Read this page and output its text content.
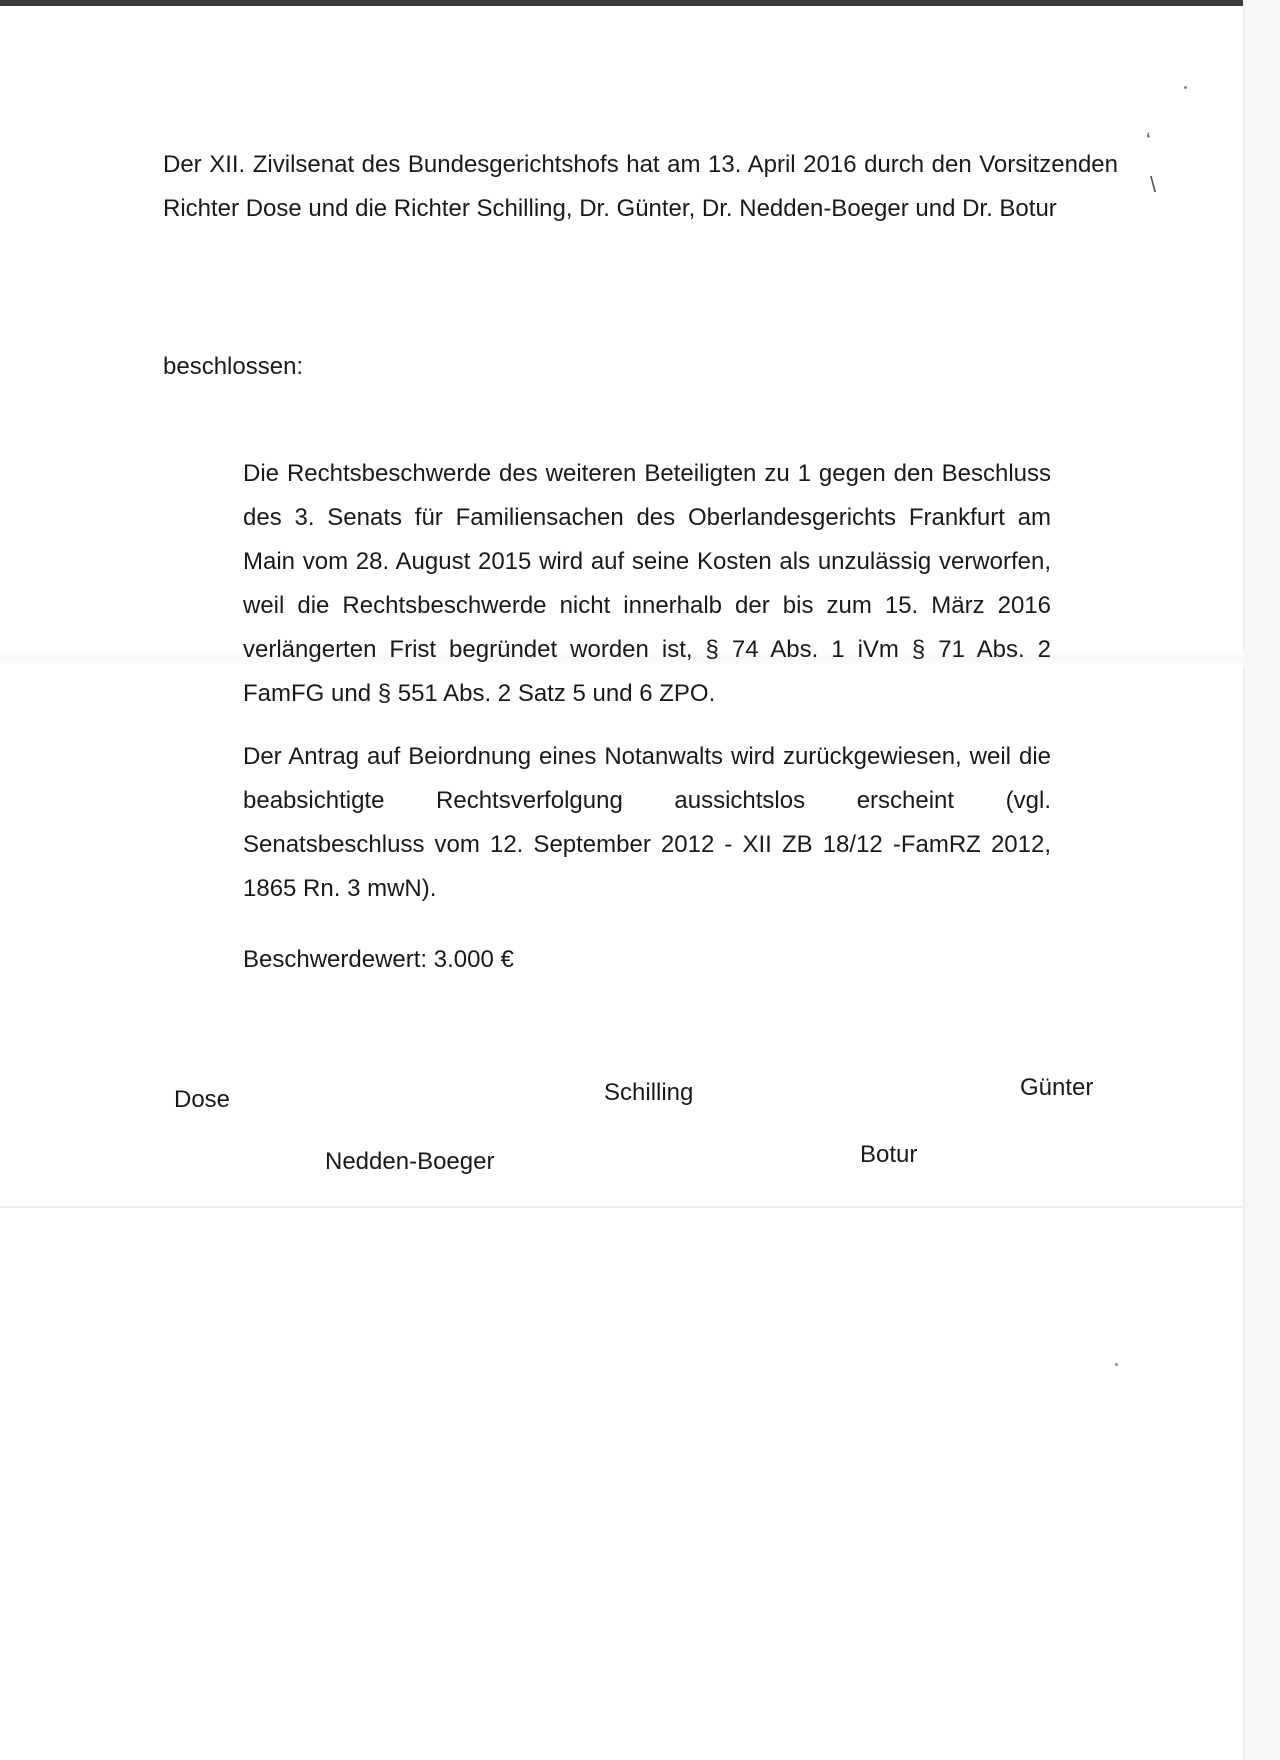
‘
\
Der XII. Zivilsenat des Bundesgerichtshofs hat am 13. April 2016 durch den Vorsitzenden Richter Dose und die Richter Schilling, Dr. Günter, Dr. Nedden-Boeger und Dr. Botur
beschlossen:
Die Rechtsbeschwerde des weiteren Beteiligten zu 1 gegen den Beschluss des 3. Senats für Familiensachen des Oberlandesgerichts Frankfurt am Main vom 28. August 2015 wird auf seine Kosten als unzulässig verworfen, weil die Rechtsbeschwerde nicht innerhalb der bis zum 15. März 2016 verlängerten Frist begründet worden ist, § 74 Abs. 1 iVm § 71 Abs. 2 FamFG und § 551 Abs. 2 Satz 5 und 6 ZPO.
Der Antrag auf Beiordnung eines Notanwalts wird zurückgewiesen, weil die beabsichtigte Rechtsverfolgung aussichtslos erscheint (vgl. Senatsbeschluss vom 12. September 2012 - XII ZB 18/12 -FamRZ 2012, 1865 Rn. 3 mwN).
Beschwerdewert: 3.000 €
Dose	Schilling	Günter
Nedden-Boeger	Botur
